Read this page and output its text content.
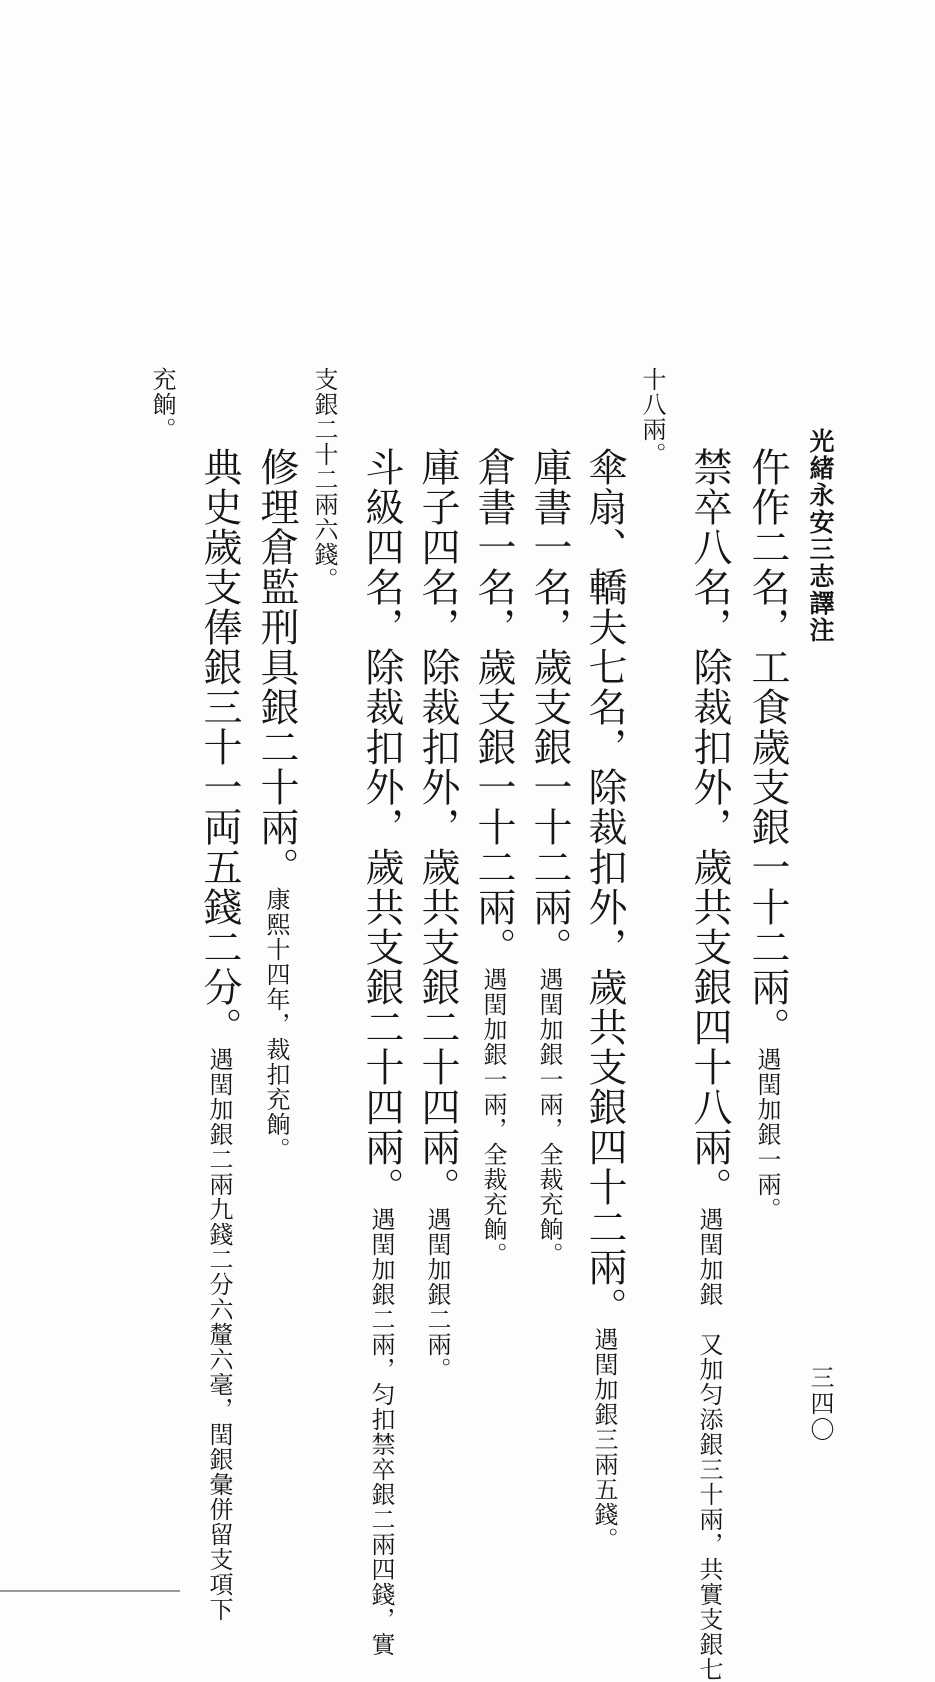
光緒永安三志譯注
三四〇
仵作二名，工食歲支銀一十二兩。遇閏加銀一兩。
禁卒八名，除裁扣外，歲共支銀四十八兩。遇閏加銀　又加匀添銀三十兩，共實支銀七
十八兩。
傘扇、轎夫七名，除裁扣外，歲共支銀四十二兩。遇閏加銀三兩五錢。
庫書一名，歲支銀一十二兩。遇閏加銀一兩，全裁充餉。
倉書一名，歲支銀一十二兩。遇閏加銀一兩，全裁充餉。
庫子四名，除裁扣外，歲共支銀二十四兩。遇閏加銀二兩。
斗級四名，除裁扣外，歲共支銀二十四兩。遇閏加銀二兩，匀扣禁卒銀二兩四錢，實
支銀二十二兩六錢。
修理倉監刑具銀二十兩。康熙十四年，裁扣充餉。
典史歲支俸銀三十一両五錢二分。遇閏加銀二兩九錢二分六釐六毫，閏銀彙併留支項下
充餉。
